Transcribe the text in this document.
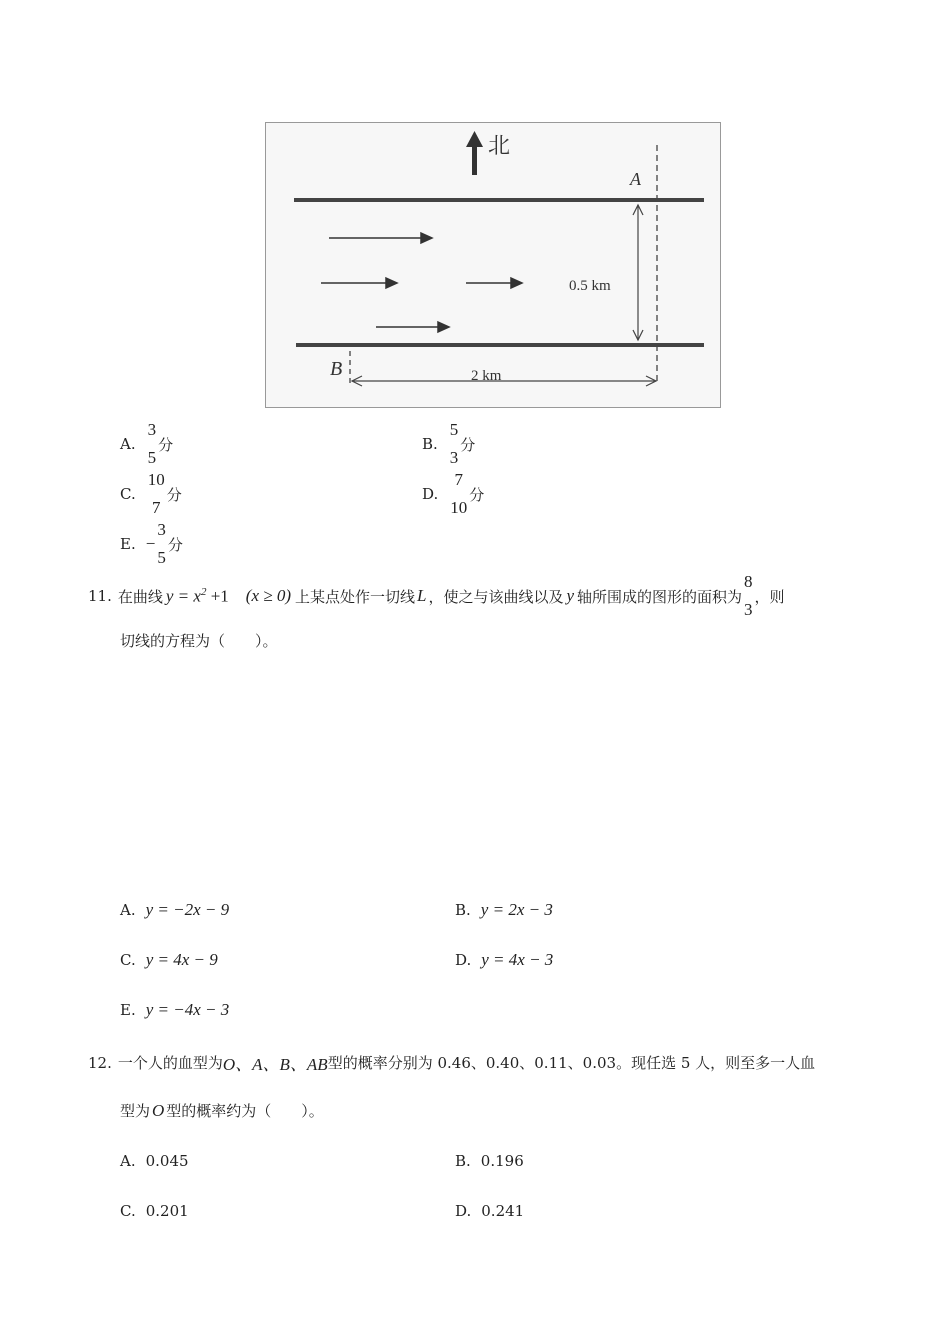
北
A
B
0.5 km
2 km
A.
3
5
分	B.
5
3
分
C.
10
7
分	D.
7
10
分
E. −
3
5
分
11. 在曲线 $y = x^2 +1$ (x ≥ 0) 上某点处作一切线 L ，使之与该曲线以及 y 轴所围成的图形的面积为
8
3
，则
切线的方程为（　　）。
A. y = −2x − 9	B. y = 2x − 3
C. y = 4x − 9	D. y = 4x − 3
E. y = −4x − 3
12. 一个人的血型为 O、A、B、AB 型的概率分别为 0.46、0.40、0.11、0.03。现任选 5 人，则至多一人血
型为 O 型的概率约为（　　）。
A. 0.045	B. 0.196
C. 0.201	D. 0.241
